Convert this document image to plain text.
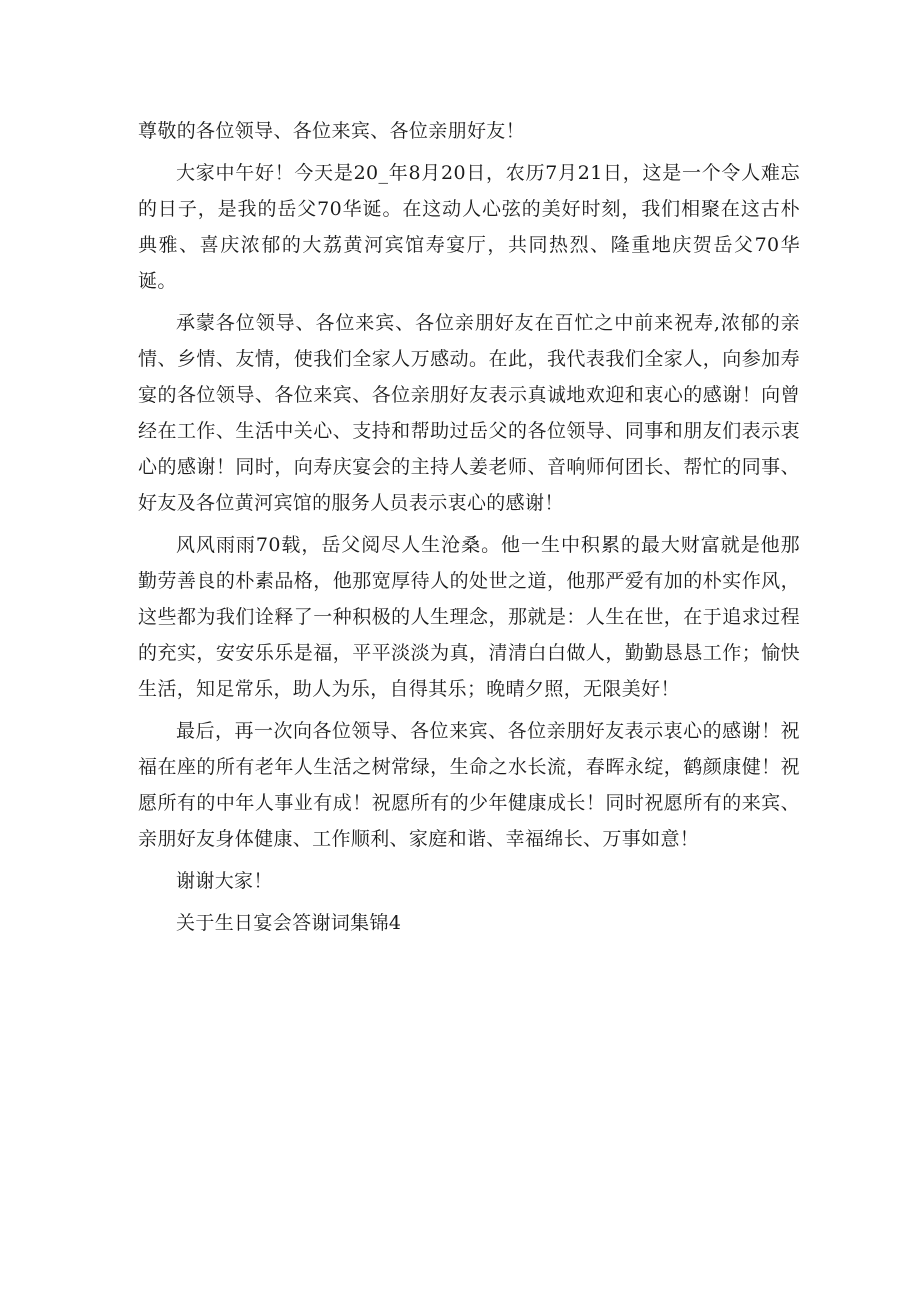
尊敬的各位领导、各位来宾、各位亲朋好友！

大家中午好！今天是20_年8月20日，农历7月21日，这是一个令人难忘的日子，是我的岳父70华诞。在这动人心弦的美好时刻，我们相聚在这古朴典雅、喜庆浓郁的大荔黄河宾馆寿宴厅，共同热烈、隆重地庆贺岳父70华诞。

承蒙各位领导、各位来宾、各位亲朋好友在百忙之中前来祝寿,浓郁的亲情、乡情、友情，使我们全家人万感动。在此，我代表我们全家人，向参加寿宴的各位领导、各位来宾、各位亲朋好友表示真诚地欢迎和衷心的感谢！向曾经在工作、生活中关心、支持和帮助过岳父的各位领导、同事和朋友们表示衷心的感谢！同时，向寿庆宴会的主持人姜老师、音响师何团长、帮忙的同事、好友及各位黄河宾馆的服务人员表示衷心的感谢！

风风雨雨70载，岳父阅尽人生沧桑。他一生中积累的最大财富就是他那勤劳善良的朴素品格，他那宽厚待人的处世之道，他那严爱有加的朴实作风，这些都为我们诠释了一种积极的人生理念，那就是：人生在世，在于追求过程的充实，安安乐乐是福，平平淡淡为真，清清白白做人，勤勤恳恳工作；愉快生活，知足常乐，助人为乐，自得其乐；晚晴夕照，无限美好！

最后，再一次向各位领导、各位来宾、各位亲朋好友表示衷心的感谢！祝福在座的所有老年人生活之树常绿，生命之水长流，春晖永绽，鹤颜康健！祝愿所有的中年人事业有成！祝愿所有的少年健康成长！同时祝愿所有的来宾、亲朋好友身体健康、工作顺利、家庭和谐、幸福绵长、万事如意！

谢谢大家！

关于生日宴会答谢词集锦4
